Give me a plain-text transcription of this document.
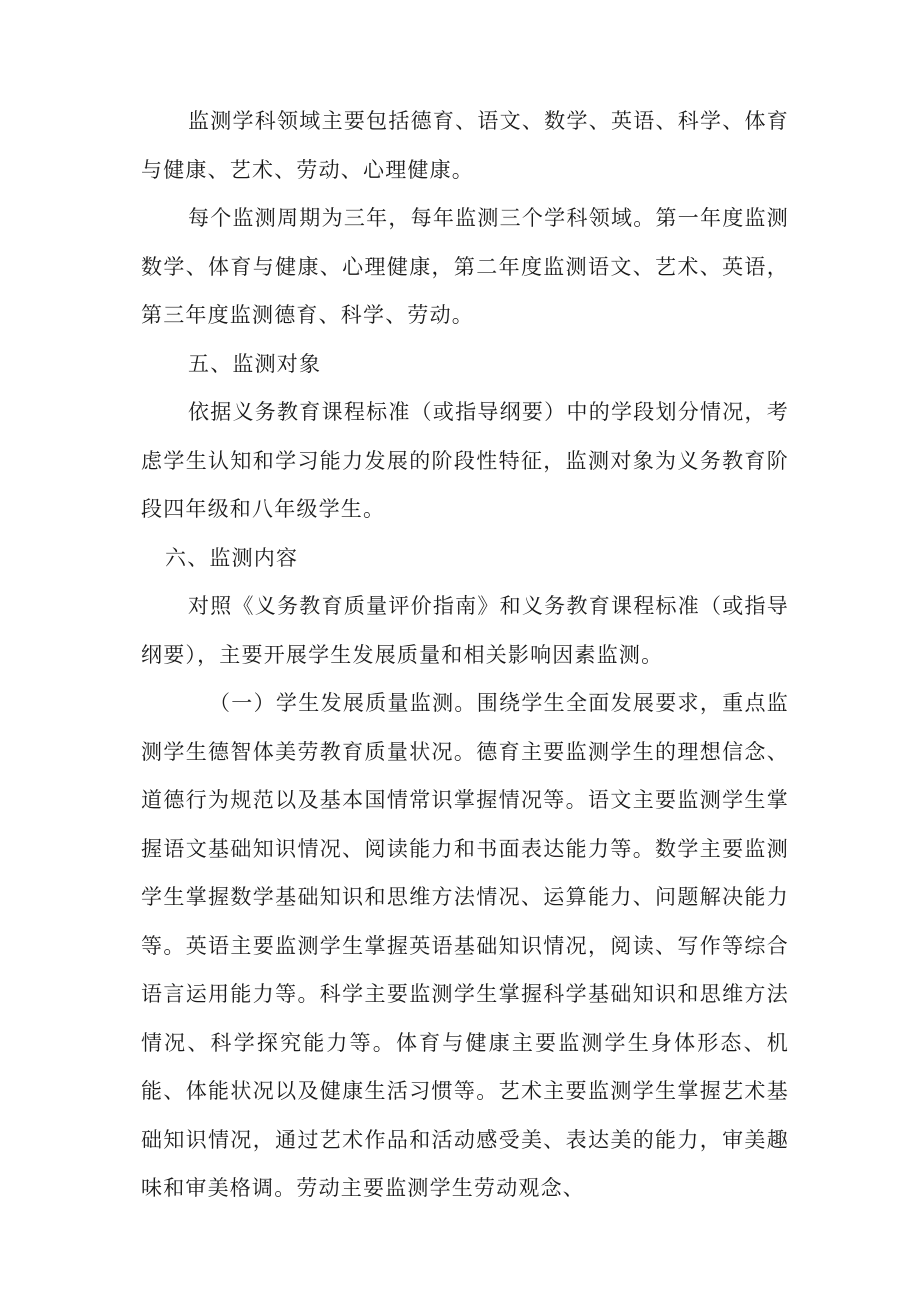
监测学科领域主要包括德育、语文、数学、英语、科学、体育与健康、艺术、劳动、心理健康。

每个监测周期为三年，每年监测三个学科领域。第一年度监测数学、体育与健康、心理健康，第二年度监测语文、艺术、英语，第三年度监测德育、科学、劳动。

五、监测对象

依据义务教育课程标准（或指导纲要）中的学段划分情况，考虑学生认知和学习能力发展的阶段性特征，监测对象为义务教育阶段四年级和八年级学生。

六、监测内容

对照《义务教育质量评价指南》和义务教育课程标准（或指导纲要），主要开展学生发展质量和相关影响因素监测。

（一）学生发展质量监测。围绕学生全面发展要求，重点监测学生德智体美劳教育质量状况。德育主要监测学生的理想信念、道德行为规范以及基本国情常识掌握情况等。语文主要监测学生掌握语文基础知识情况、阅读能力和书面表达能力等。数学主要监测学生掌握数学基础知识和思维方法情况、运算能力、问题解决能力等。英语主要监测学生掌握英语基础知识情况，阅读、写作等综合语言运用能力等。科学主要监测学生掌握科学基础知识和思维方法情况、科学探究能力等。体育与健康主要监测学生身体形态、机能、体能状况以及健康生活习惯等。艺术主要监测学生掌握艺术基础知识情况，通过艺术作品和活动感受美、表达美的能力，审美趣味和审美格调。劳动主要监测学生劳动观念、
